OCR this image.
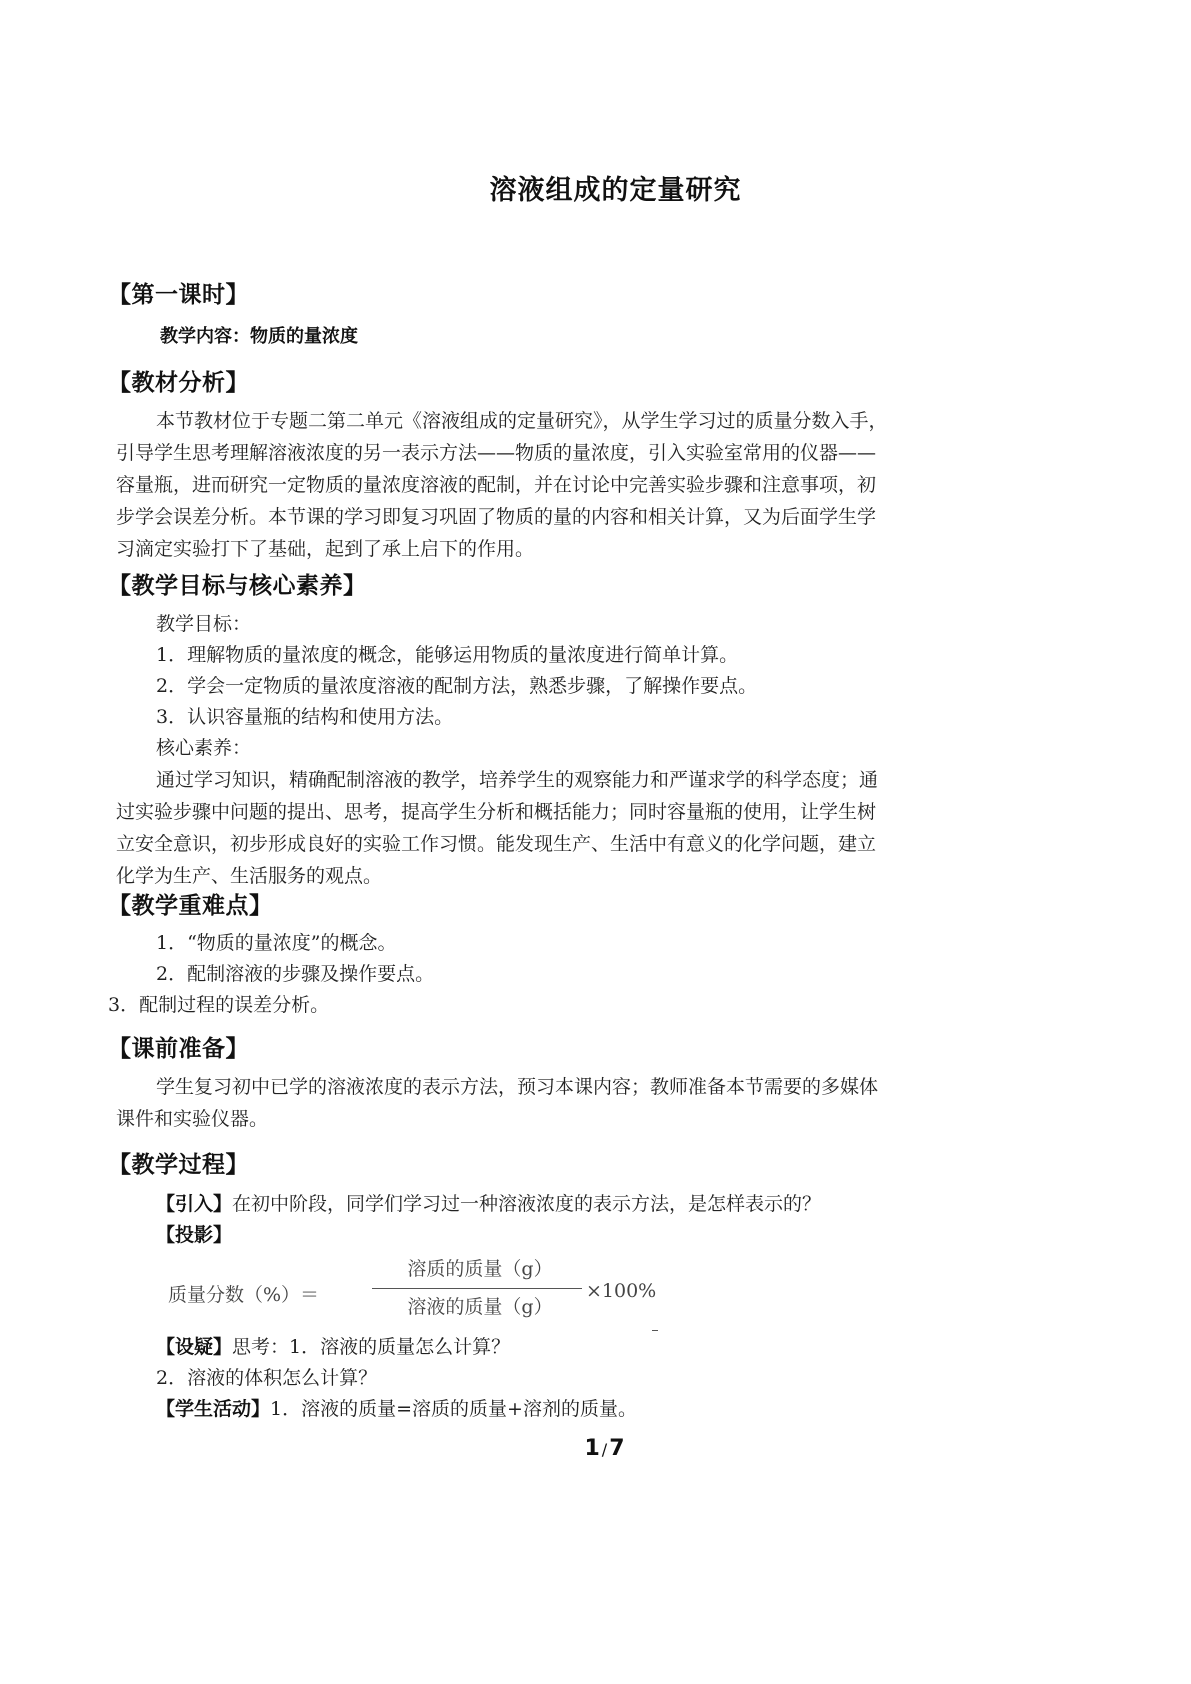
溶液组成的定量研究
【第一课时】
教学内容：物质的量浓度
【教材分析】
本节教材位于专题二第二单元《溶液组成的定量研究》，从学生学习过的质量分数入手，
引导学生思考理解溶液浓度的另一表示方法——物质的量浓度，引入实验室常用的仪器——
容量瓶，进而研究一定物质的量浓度溶液的配制，并在讨论中完善实验步骤和注意事项，初
步学会误差分析。本节课的学习即复习巩固了物质的量的内容和相关计算，又为后面学生学
习滴定实验打下了基础，起到了承上启下的作用。
【教学目标与核心素养】
教学目标：
1．理解物质的量浓度的概念，能够运用物质的量浓度进行简单计算。
2．学会一定物质的量浓度溶液的配制方法，熟悉步骤，了解操作要点。
3．认识容量瓶的结构和使用方法。
核心素养：
通过学习知识，精确配制溶液的教学，培养学生的观察能力和严谨求学的科学态度；通
过实验步骤中问题的提出、思考，提高学生分析和概括能力；同时容量瓶的使用，让学生树
立安全意识，初步形成良好的实验工作习惯。能发现生产、生活中有意义的化学问题，建立
化学为生产、生活服务的观点。
【教学重难点】
1．“物质的量浓度”的概念。
2．配制溶液的步骤及操作要点。
3．配制过程的误差分析。
【课前准备】
学生复习初中已学的溶液浓度的表示方法，预习本课内容；教师准备本节需要的多媒体
课件和实验仪器。
【教学过程】
【引入】在初中阶段，同学们学习过一种溶液浓度的表示方法，是怎样表示的？
【投影】
质量分数（%）＝
溶质的质量（g）
溶液的质量（g）
×100%
【设疑】思考：1．溶液的质量怎么计算？
2．溶液的体积怎么计算？
【学生活动】1．溶液的质量=溶质的质量+溶剂的质量。
1 /7
